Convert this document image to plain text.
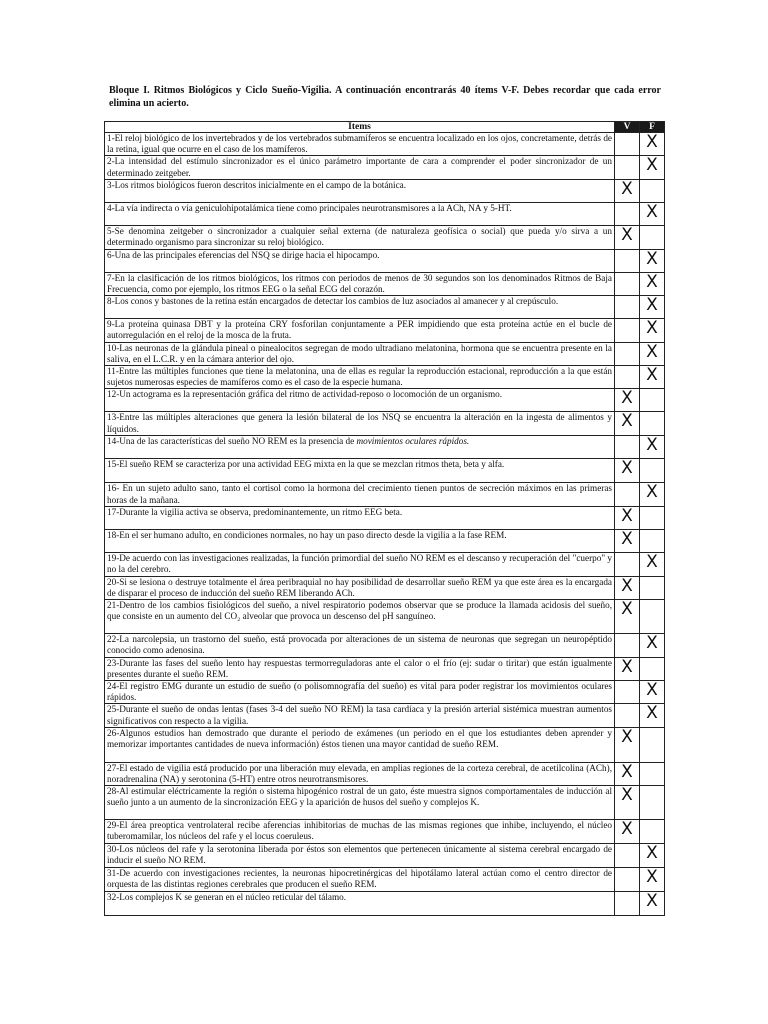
Bloque I. Ritmos Biológicos y Ciclo Sueño-Vigilia. A continuación encontrarás 40 ítems V-F. Debes recordar que cada error elimina un acierto.

Items	V	F
1-El reloj biológico de los invertebrados y de los vertebrados submamíferos se encuentra localizado en los ojos, concretamente, detrás de la retina, igual que ocurre en el caso de los mamíferos.		X
2-La intensidad del estímulo sincronizador es el único parámetro importante de cara a comprender el poder sincronizador de un determinado zeitgeber.		X
3-Los ritmos biológicos fueron descritos inicialmente en el campo de la botánica.	X	
4-La vía indirecta o vía geniculohipotalámica tiene como principales neurotransmisores a la ACh, NA y 5-HT.		X
5-Se denomina zeitgeber o sincronizador a cualquier señal externa (de naturaleza geofísica o social) que pueda y/o sirva a un determinado organismo para sincronizar su reloj biológico.	X	
6-Una de las principales eferencias del NSQ se dirige hacia el hipocampo.		X
7-En la clasificación de los ritmos biológicos, los ritmos con periodos de menos de 30 segundos son los denominados Ritmos de Baja Frecuencia, como por ejemplo, los ritmos EEG o la señal ECG del corazón.		X
8-Los conos y bastones de la retina están encargados de detectar los cambios de luz asociados al amanecer y al crepúsculo.		X
9-La proteína quinasa DBT y la proteína CRY fosforilan conjuntamente a PER impidiendo que esta proteína actúe en el bucle de autorregulación en el reloj de la mosca de la fruta.		X
10-Las neuronas de la glándula pineal o pinealocitos segregan de modo ultradiano melatonina, hormona que se encuentra presente en la saliva, en el L.C.R. y en la cámara anterior del ojo.		X
11-Entre las múltiples funciones que tiene la melatonina, una de ellas es regular la reproducción estacional, reproducción a la que están sujetos numerosas especies de mamíferos como es el caso de la especie humana.		X
12-Un actograma es la representación gráfica del ritmo de actividad-reposo o locomoción de un organismo.	X	
13-Entre las múltiples alteraciones que genera la lesión bilateral de los NSQ se encuentra la alteración en la ingesta de alimentos y líquidos.	X	
14-Una de las características del sueño NO REM es la presencia de movimientos oculares rápidos.		X
15-El sueño REM se caracteriza por una actividad EEG mixta en la que se mezclan ritmos theta, beta y alfa.	X	
16- En un sujeto adulto sano, tanto el cortisol como la hormona del crecimiento tienen puntos de secreción máximos en las primeras horas de la mañana.		X
17-Durante la vigilia activa se observa, predominantemente, un ritmo EEG beta.	X	
18-En el ser humano adulto, en condiciones normales, no hay un paso directo desde la vigilia a la fase REM.	X	
19-De acuerdo con las investigaciones realizadas, la función primordial del sueño NO REM es el descanso y recuperación del "cuerpo" y no la del cerebro.		X
20-Si se lesiona o destruye totalmente el área peribraquial no hay posibilidad de desarrollar sueño REM ya que este área es la encargada de disparar el proceso de inducción del sueño REM liberando ACh.	X	
21-Dentro de los cambios fisiológicos del sueño, a nivel respiratorio podemos observar que se produce la llamada acidosis del sueño, que consiste en un aumento del CO₂ alveolar que provoca un descenso del pH sanguíneo.	X	
22-La narcolepsia, un trastorno del sueño, está provocada por alteraciones de un sistema de neuronas que segregan un neuropéptido conocido como adenosina.		X
23-Durante las fases del sueño lento hay respuestas termorreguladoras ante el calor o el frío (ej: sudar o tiritar) que están igualmente presentes durante el sueño REM.	X	
24-El registro EMG durante un estudio de sueño (o polisomnografía del sueño) es vital para poder registrar los movimientos oculares rápidos.		X
25-Durante el sueño de ondas lentas (fases 3-4 del sueño NO REM) la tasa cardíaca y la presión arterial sistémica muestran aumentos significativos con respecto a la vigilia.		X
26-Algunos estudios han demostrado que durante el periodo de exámenes (un periodo en el que los estudiantes deben aprender y memorizar importantes cantidades de nueva información) éstos tienen una mayor cantidad de sueño REM.	X	
27-El estado de vigilia está producido por una liberación muy elevada, en amplias regiones de la corteza cerebral, de acetilcolina (ACh), noradrenalina (NA) y serotonina (5-HT) entre otros neurotransmisores.	X	
28-Al estimular eléctricamente la región o sistema hipogénico rostral de un gato, éste muestra signos comportamentales de inducción al sueño junto a un aumento de la sincronización EEG y la aparición de husos del sueño y complejos K.	X	
29-El área preoptica ventrolateral recibe aferencias inhibitorias de muchas de las mismas regiones que inhibe, incluyendo, el núcleo tuberomamilar, los núcleos del rafe y el locus coeruleus.	X	
30-Los núcleos del rafe y la serotonina liberada por éstos son elementos que pertenecen únicamente al sistema cerebral encargado de inducir el sueño NO REM.		X
31-De acuerdo con investigaciones recientes, la neuronas hipocretinérgicas del hipotálamo lateral actúan como el centro director de orquesta de las distintas regiones cerebrales que producen el sueño REM.		X
32-Los complejos K se generan en el núcleo reticular del tálamo.		X
